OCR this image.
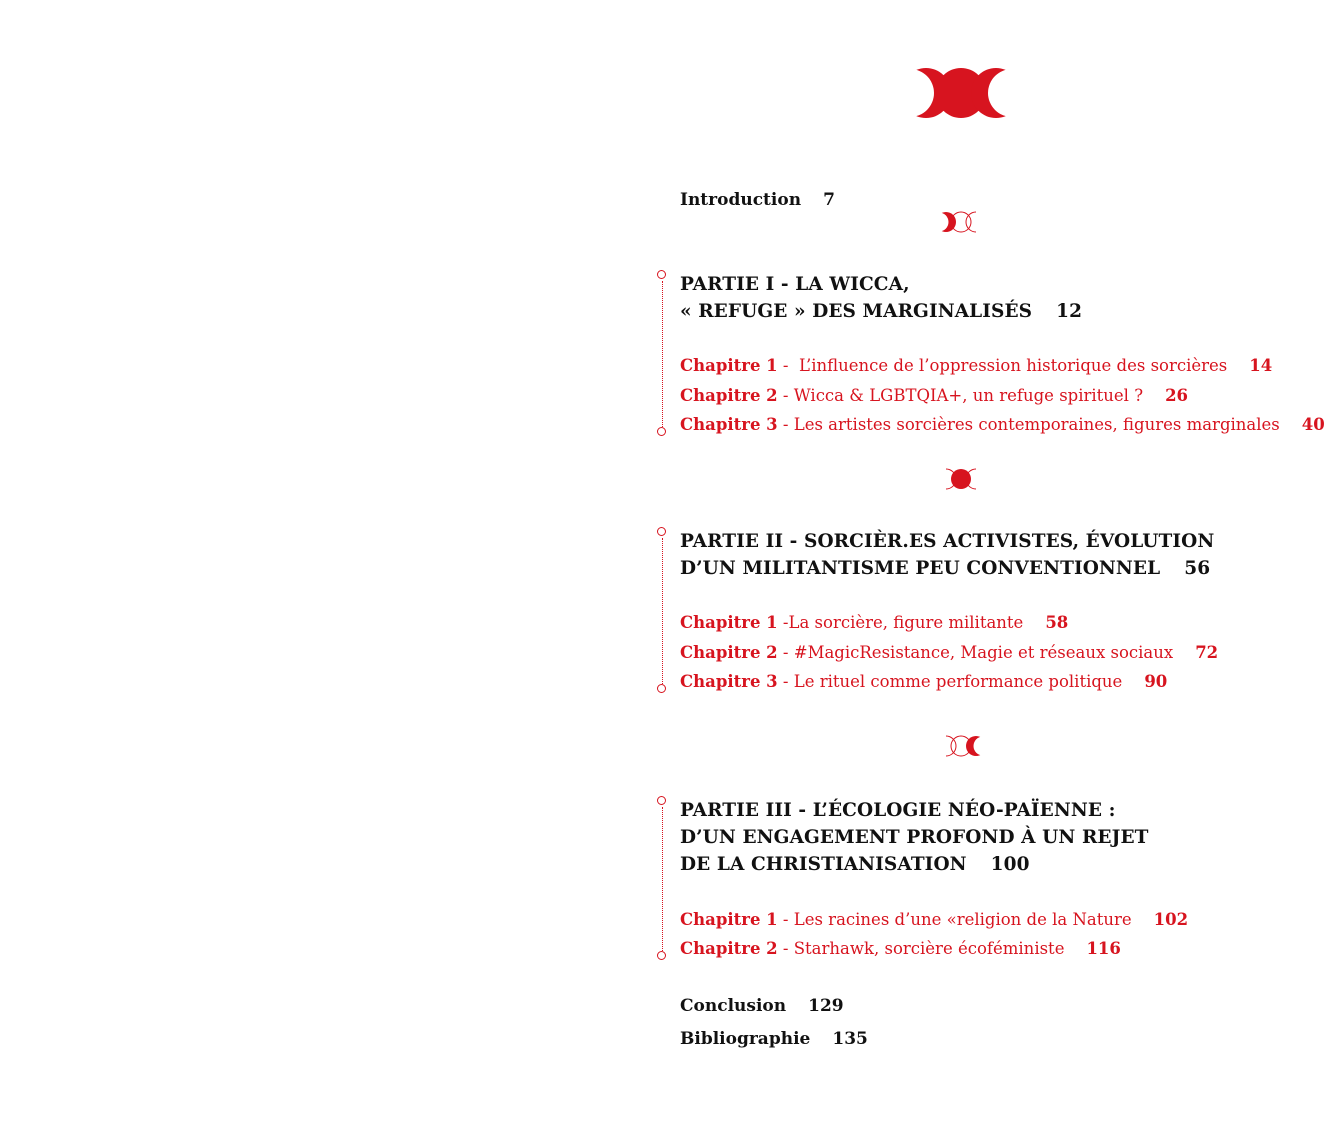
Introduction 7
PARTIE I - LA WICCA,
« REFUGE » DES MARGINALISÉS 12
Chapitre 1 -  L’influence de l’oppression historique des sorcières 14
Chapitre 2 - Wicca & LGBTQIA+, un refuge spirituel ? 26
Chapitre 3 - Les artistes sorcières contemporaines, figures marginales 40
PARTIE II - SORCIÈR.ES ACTIVISTES, ÉVOLUTION
D’UN MILITANTISME PEU CONVENTIONNEL 56
Chapitre 1 -La sorcière, figure militante 58
Chapitre 2 - #MagicResistance, Magie et réseaux sociaux 72
Chapitre 3 - Le rituel comme performance politique 90
PARTIE III - L’ÉCOLOGIE NÉO-PAÏENNE :
D’UN ENGAGEMENT PROFOND À UN REJET
DE LA CHRISTIANISATION 100
Chapitre 1 - Les racines d’une «religion de la Nature 102
Chapitre 2 - Starhawk, sorcière écoféministe 116
Conclusion 129
Bibliographie 135
